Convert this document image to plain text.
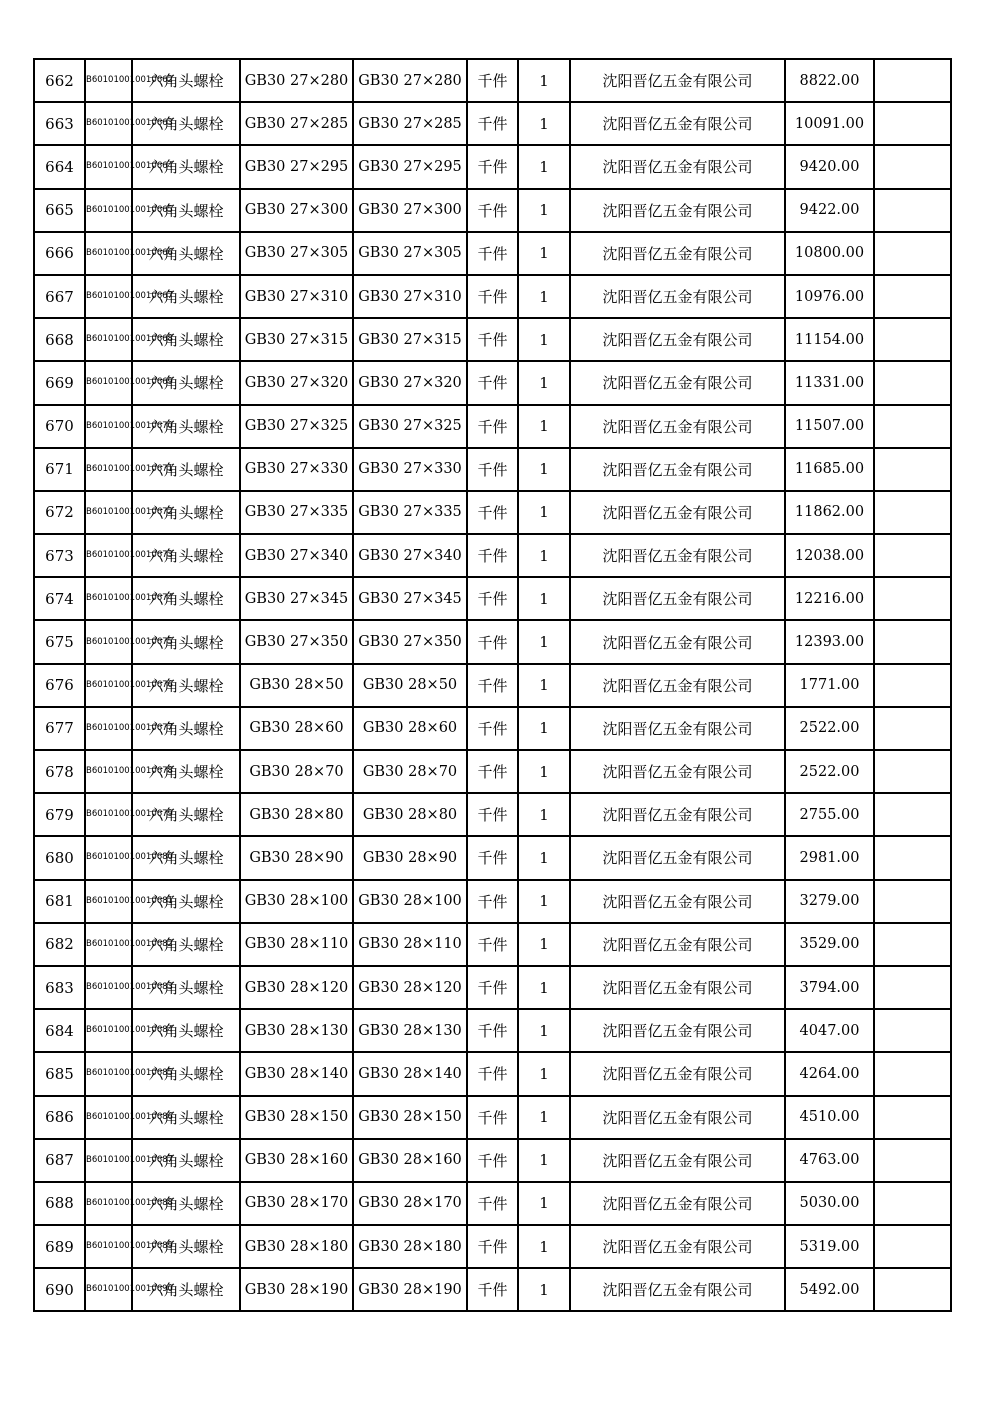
662	B601010010010662	六角头螺栓	GB30 27×280	GB30 27×280	千件	1	沈阳晋亿五金有限公司	8822.00	
663	B601010010010663	六角头螺栓	GB30 27×285	GB30 27×285	千件	1	沈阳晋亿五金有限公司	10091.00	
664	B601010010010664	六角头螺栓	GB30 27×295	GB30 27×295	千件	1	沈阳晋亿五金有限公司	9420.00	
665	B601010010010665	六角头螺栓	GB30 27×300	GB30 27×300	千件	1	沈阳晋亿五金有限公司	9422.00	
666	B601010010010666	六角头螺栓	GB30 27×305	GB30 27×305	千件	1	沈阳晋亿五金有限公司	10800.00	
667	B601010010010667	六角头螺栓	GB30 27×310	GB30 27×310	千件	1	沈阳晋亿五金有限公司	10976.00	
668	B601010010010668	六角头螺栓	GB30 27×315	GB30 27×315	千件	1	沈阳晋亿五金有限公司	11154.00	
669	B601010010010669	六角头螺栓	GB30 27×320	GB30 27×320	千件	1	沈阳晋亿五金有限公司	11331.00	
670	B601010010010670	六角头螺栓	GB30 27×325	GB30 27×325	千件	1	沈阳晋亿五金有限公司	11507.00	
671	B601010010010671	六角头螺栓	GB30 27×330	GB30 27×330	千件	1	沈阳晋亿五金有限公司	11685.00	
672	B601010010010672	六角头螺栓	GB30 27×335	GB30 27×335	千件	1	沈阳晋亿五金有限公司	11862.00	
673	B601010010010673	六角头螺栓	GB30 27×340	GB30 27×340	千件	1	沈阳晋亿五金有限公司	12038.00	
674	B601010010010674	六角头螺栓	GB30 27×345	GB30 27×345	千件	1	沈阳晋亿五金有限公司	12216.00	
675	B601010010010675	六角头螺栓	GB30 27×350	GB30 27×350	千件	1	沈阳晋亿五金有限公司	12393.00	
676	B601010010010676	六角头螺栓	GB30 28×50	GB30 28×50	千件	1	沈阳晋亿五金有限公司	1771.00	
677	B601010010010677	六角头螺栓	GB30 28×60	GB30 28×60	千件	1	沈阳晋亿五金有限公司	2522.00	
678	B601010010010678	六角头螺栓	GB30 28×70	GB30 28×70	千件	1	沈阳晋亿五金有限公司	2522.00	
679	B601010010010679	六角头螺栓	GB30 28×80	GB30 28×80	千件	1	沈阳晋亿五金有限公司	2755.00	
680	B601010010010680	六角头螺栓	GB30 28×90	GB30 28×90	千件	1	沈阳晋亿五金有限公司	2981.00	
681	B601010010010681	六角头螺栓	GB30 28×100	GB30 28×100	千件	1	沈阳晋亿五金有限公司	3279.00	
682	B601010010010682	六角头螺栓	GB30 28×110	GB30 28×110	千件	1	沈阳晋亿五金有限公司	3529.00	
683	B601010010010683	六角头螺栓	GB30 28×120	GB30 28×120	千件	1	沈阳晋亿五金有限公司	3794.00	
684	B601010010010684	六角头螺栓	GB30 28×130	GB30 28×130	千件	1	沈阳晋亿五金有限公司	4047.00	
685	B601010010010685	六角头螺栓	GB30 28×140	GB30 28×140	千件	1	沈阳晋亿五金有限公司	4264.00	
686	B601010010010686	六角头螺栓	GB30 28×150	GB30 28×150	千件	1	沈阳晋亿五金有限公司	4510.00	
687	B601010010010687	六角头螺栓	GB30 28×160	GB30 28×160	千件	1	沈阳晋亿五金有限公司	4763.00	
688	B601010010010688	六角头螺栓	GB30 28×170	GB30 28×170	千件	1	沈阳晋亿五金有限公司	5030.00	
689	B601010010010689	六角头螺栓	GB30 28×180	GB30 28×180	千件	1	沈阳晋亿五金有限公司	5319.00	
690	B601010010010690	六角头螺栓	GB30 28×190	GB30 28×190	千件	1	沈阳晋亿五金有限公司	5492.00	
